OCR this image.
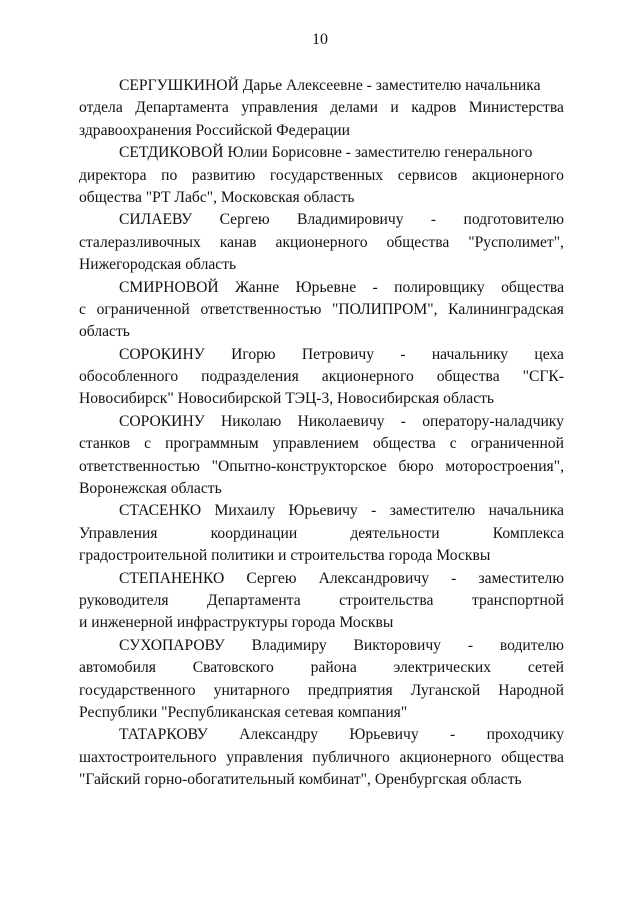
10
СЕРГУШКИНОЙ Дарье Алексеевне - заместителю начальника
отдела Департамента управления делами и кадров Министерства
здравоохранения Российской Федерации
СЕТДИКОВОЙ Юлии Борисовне - заместителю генерального
директора по развитию государственных сервисов акционерного
общества "РТ Лабс", Московская область
СИЛАЕВУ Сергею Владимировичу - подготовителю
сталеразливочных канав акционерного общества "Русполимет",
Нижегородская область
СМИРНОВОЙ Жанне Юрьевне - полировщику общества
с ограниченной ответственностью "ПОЛИПРОМ", Калининградская
область
СОРОКИНУ Игорю Петровичу - начальнику цеха
обособленного подразделения акционерного общества "СГК-
Новосибирск" Новосибирской ТЭЦ-3, Новосибирская область
СОРОКИНУ Николаю Николаевичу - оператору-наладчику
станков с программным управлением общества с ограниченной
ответственностью "Опытно-конструкторское бюро моторостроения",
Воронежская область
СТАСЕНКО Михаилу Юрьевичу - заместителю начальника
Управления	координации	деятельности	Комплекса
градостроительной политики и строительства города Москвы
СТЕПАНЕНКО Сергею Александровичу - заместителю
руководителя Департамента строительства транспортной
и инженерной инфраструктуры города Москвы
СУХОПАРОВУ Владимиру Викторовичу - водителю
автомобиля Сватовского района электрических сетей
государственного унитарного предприятия Луганской Народной
Республики "Республиканская сетевая компания"
ТАТАРКОВУ Александру Юрьевичу - проходчику
шахтостроительного управления публичного акционерного общества
"Гайский горно-обогатительный комбинат", Оренбургская область
